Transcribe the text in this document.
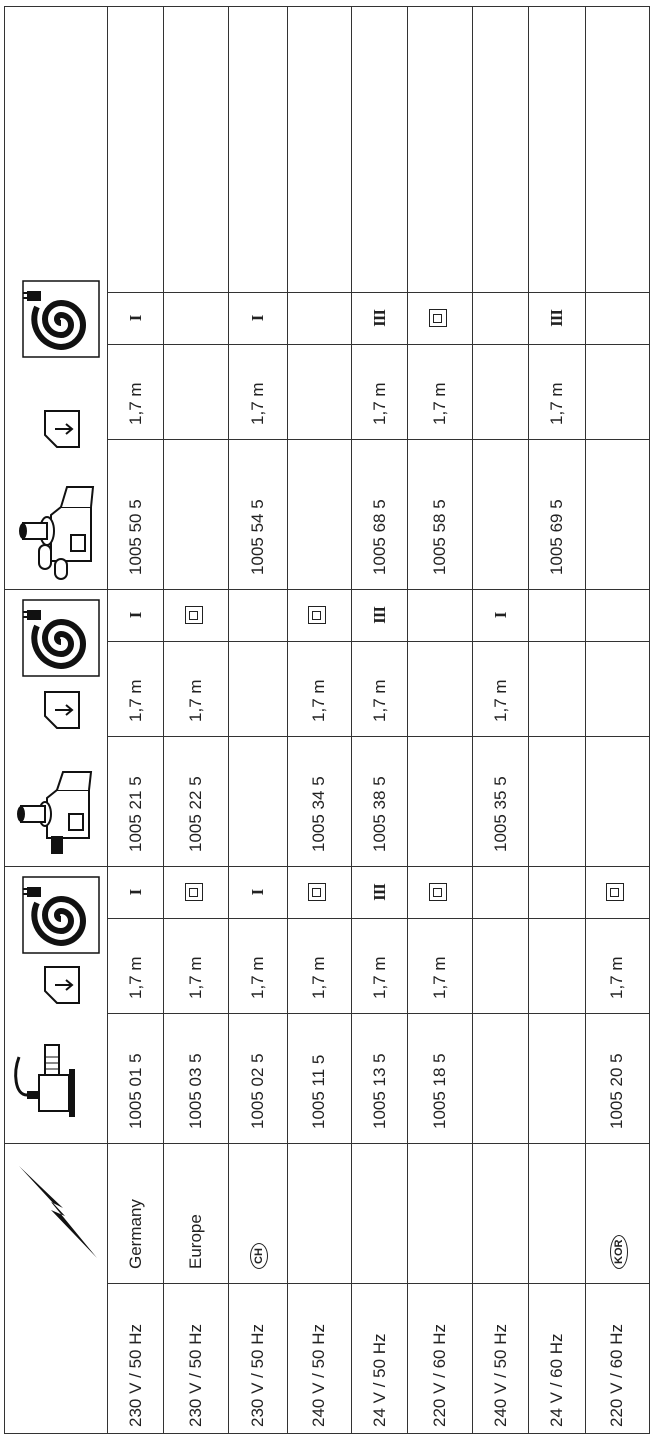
230 V / 50 Hz	Germany	1005 01 5	1,7 m	I	1005 21 5	1,7 m	I	1005 50 5	1,7 m	I	
230 V / 50 Hz	Europe	1005 03 5	1,7 m		1005 22 5	1,7 m					
230 V / 50 Hz	CH	1005 02 5	1,7 m	I				1005 54 5	1,7 m	I	
240 V / 50 Hz		1005 11 5	1,7 m		1005 34 5	1,7 m					
24 V / 50 Hz		1005 13 5	1,7 m	III	1005 38 5	1,7 m	III	1005 68 5	1,7 m	III	
220 V / 60 Hz		1005 18 5	1,7 m					1005 58 5	1,7 m		
240 V / 50 Hz					1005 35 5	1,7 m	I				
24 V / 60 Hz								1005 69 5	1,7 m	III	
220 V / 60 Hz	KOR	1005 20 5	1,7 m								
